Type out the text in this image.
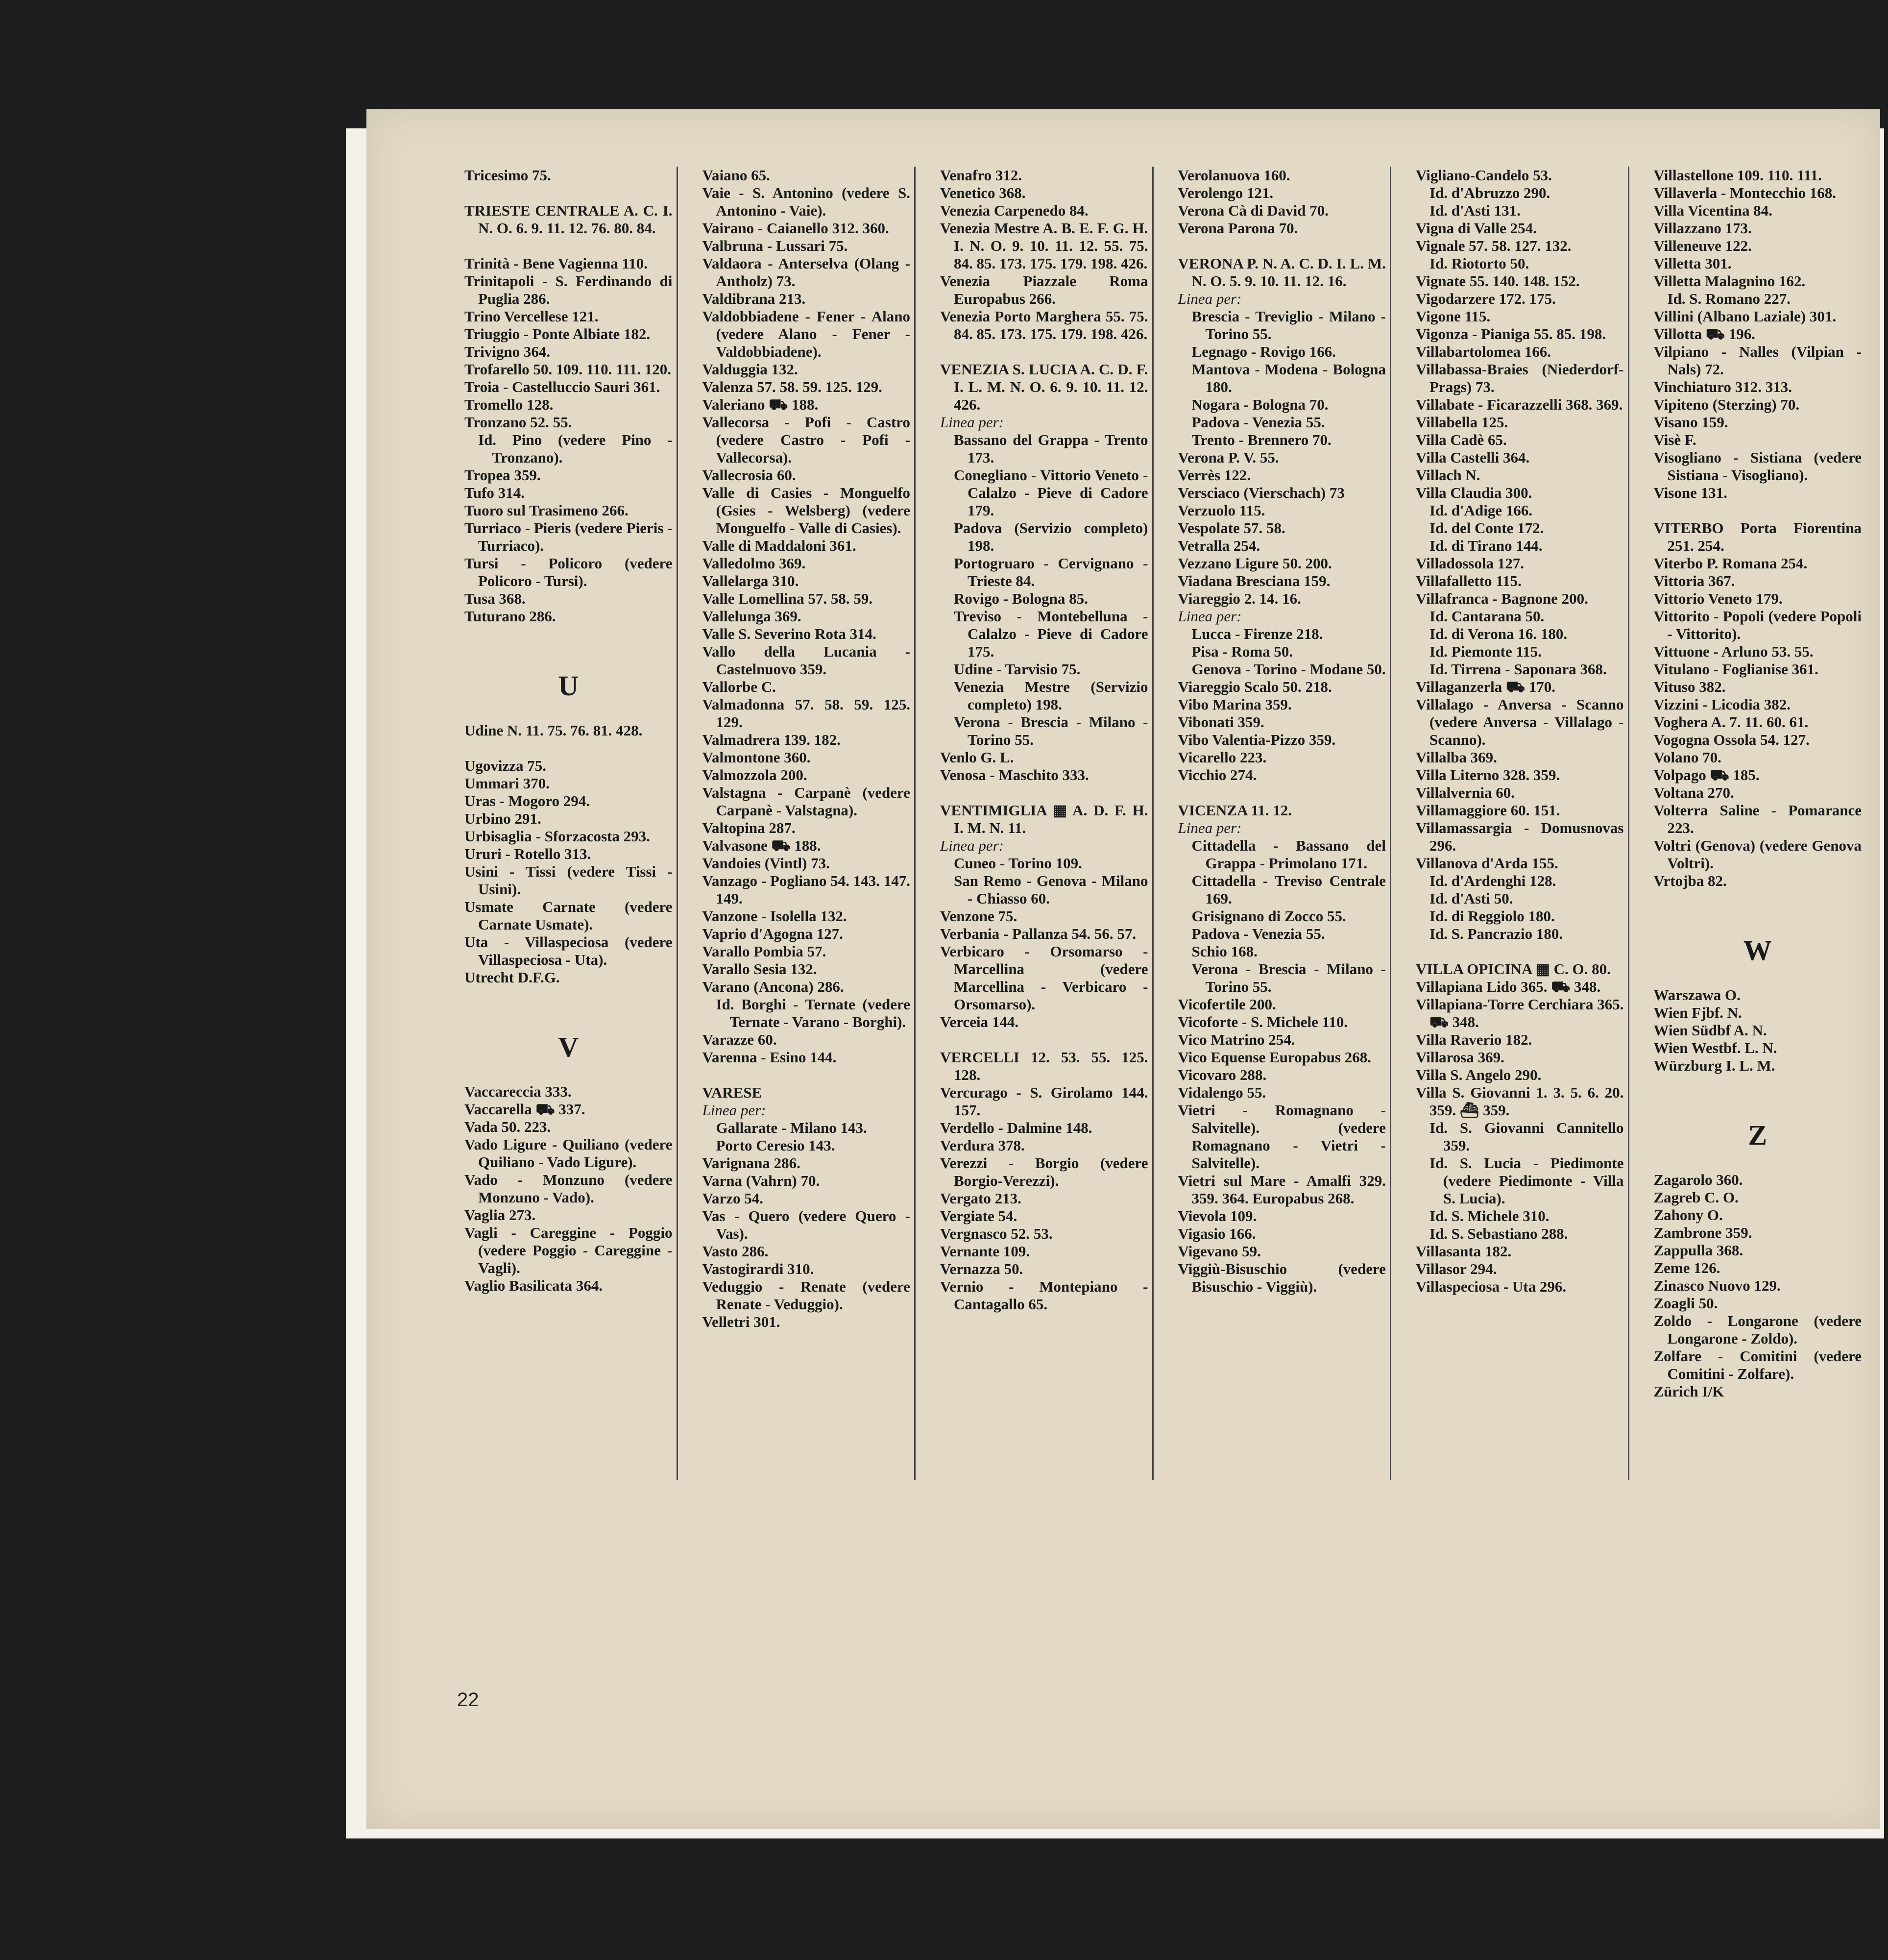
Tricesimo 75.

TRIESTE CENTRALE A. C. I. N. O. 6. 9. 11. 12. 76. 80. 84.

Trinità - Bene Vagienna 110.

Trinitapoli - S. Ferdinando di Puglia 286.

Trino Vercellese 121.

Triuggio - Ponte Albiate 182.

Trivigno 364.

Trofarello 50. 109. 110. 111. 120.

Troia - Castelluccio Sauri 361.

Tromello 128.

Tronzano 52. 55.

Id. Pino (vedere Pino - Tronzano).

Tropea 359.

Tufo 314.

Tuoro sul Trasimeno 266.

Turriaco - Pieris (vedere Pieris - Turriaco).

Tursi - Policoro (vedere Policoro - Tursi).

Tusa 368.

Tuturano 286.

U

Udine N. 11. 75. 76. 81. 428.

Ugovizza 75.

Ummari 370.

Uras - Mogoro 294.

Urbino 291.

Urbisaglia - Sforzacosta 293.

Ururi - Rotello 313.

Usini - Tissi (vedere Tissi - Usini).

Usmate Carnate (vedere Carnate Usmate).

Uta - Villaspeciosa (vedere Villaspeciosa - Uta).

Utrecht D.F.G.

V

Vaccareccia 333.

Vaccarella ⛟ 337.

Vada 50. 223.

Vado Ligure - Quiliano (vedere Quiliano - Vado Ligure).

Vado - Monzuno (vedere Monzuno - Vado).

Vaglia 273.

Vagli - Careggine - Poggio (vedere Poggio - Careggine - Vagli).

Vaglio Basilicata 364.

Vaiano 65.

Vaie - S. Antonino (vedere S. Antonino - Vaie).

Vairano - Caianello 312. 360.

Valbruna - Lussari 75.

Valdaora - Anterselva (Olang - Antholz) 73.

Valdibrana 213.

Valdobbiadene - Fener - Alano (vedere Alano - Fener - Valdobbiadene).

Valduggia 132.

Valenza 57. 58. 59. 125. 129.

Valeriano ⛟ 188.

Vallecorsa - Pofi - Castro (vedere Castro - Pofi - Vallecorsa).

Vallecrosia 60.

Valle di Casies - Monguelfo (Gsies - Welsberg) (vedere Monguelfo - Valle di Casies).

Valle di Maddaloni 361.

Valledolmo 369.

Vallelarga 310.

Valle Lomellina 57. 58. 59.

Vallelunga 369.

Valle S. Severino Rota 314.

Vallo della Lucania - Castelnuovo 359.

Vallorbe C.

Valmadonna 57. 58. 59. 125. 129.

Valmadrera 139. 182.

Valmontone 360.

Valmozzola 200.

Valstagna - Carpanè (vedere Carpanè - Valstagna).

Valtopina 287.

Valvasone ⛟ 188.

Vandoies (Vintl) 73.

Vanzago - Pogliano 54. 143. 147. 149.

Vanzone - Isolella 132.

Vaprio d'Agogna 127.

Varallo Pombia 57.

Varallo Sesia 132.

Varano (Ancona) 286.

Id. Borghi - Ternate (vedere Ternate - Varano - Borghi).

Varazze 60.

Varenna - Esino 144.

VARESE

Linea per:

Gallarate - Milano 143.

Porto Ceresio 143.

Varignana 286.

Varna (Vahrn) 70.

Varzo 54.

Vas - Quero (vedere Quero - Vas).

Vasto 286.

Vastogirardi 310.

Veduggio - Renate (vedere Renate - Veduggio).

Velletri 301.

Venafro 312.

Venetico 368.

Venezia Carpenedo 84.

Venezia Mestre A. B. E. F. G. H. I. N. O. 9. 10. 11. 12. 55. 75. 84. 85. 173. 175. 179. 198. 426.

Venezia Piazzale Roma Europabus 266.

Venezia Porto Marghera 55. 75. 84. 85. 173. 175. 179. 198. 426.

VENEZIA S. LUCIA A. C. D. F. I. L. M. N. O. 6. 9. 10. 11. 12. 426.

Linea per:

Bassano del Grappa - Trento 173.

Conegliano - Vittorio Veneto - Calalzo - Pieve di Cadore 179.

Padova (Servizio completo) 198.

Portogruaro - Cervignano - Trieste 84.

Rovigo - Bologna 85.

Treviso - Montebelluna - Calalzo - Pieve di Cadore 175.

Udine - Tarvisio 75.

Venezia Mestre (Servizio completo) 198.

Verona - Brescia - Milano - Torino 55.

Venlo G. L.

Venosa - Maschito 333.

VENTIMIGLIA ▦ A. D. F. H. I. M. N. 11.

Linea per:

Cuneo - Torino 109.

San Remo - Genova - Milano - Chiasso 60.

Venzone 75.

Verbania - Pallanza 54. 56. 57.

Verbicaro - Orsomarso - Marcellina (vedere Marcellina - Verbicaro - Orsomarso).

Verceia 144.

VERCELLI 12. 53. 55. 125. 128.

Vercurago - S. Girolamo 144. 157.

Verdello - Dalmine 148.

Verdura 378.

Verezzi - Borgio (vedere Borgio-Verezzi).

Vergato 213.

Vergiate 54.

Vergnasco 52. 53.

Vernante 109.

Vernazza 50.

Vernio - Montepiano - Cantagallo 65.

Verolanuova 160.

Verolengo 121.

Verona Cà di David 70.

Verona Parona 70.

VERONA P. N. A. C. D. I. L. M. N. O. 5. 9. 10. 11. 12. 16.

Linea per:

Brescia - Treviglio - Milano - Torino 55.

Legnago - Rovigo 166.

Mantova - Modena - Bologna 180.

Nogara - Bologna 70.

Padova - Venezia 55.

Trento - Brennero 70.

Verona P. V. 55.

Verrès 122.

Versciaco (Vierschach) 73

Verzuolo 115.

Vespolate 57. 58.

Vetralla 254.

Vezzano Ligure 50. 200.

Viadana Bresciana 159.

Viareggio 2. 14. 16.

Linea per:

Lucca - Firenze 218.

Pisa - Roma 50.

Genova - Torino - Modane 50.

Viareggio Scalo 50. 218.

Vibo Marina 359.

Vibonati 359.

Vibo Valentia-Pizzo 359.

Vicarello 223.

Vicchio 274.

VICENZA 11. 12.

Linea per:

Cittadella - Bassano del Grappa - Primolano 171.

Cittadella - Treviso Centrale 169.

Grisignano di Zocco 55.

Padova - Venezia 55.

Schio 168.

Verona - Brescia - Milano - Torino 55.

Vicofertile 200.

Vicoforte - S. Michele 110.

Vico Matrino 254.

Vico Equense Europabus 268.

Vicovaro 288.

Vidalengo 55.

Vietri - Romagnano - Salvitelle). (vedere Romagnano - Vietri - Salvitelle).

Vietri sul Mare - Amalfi 329. 359. 364. Europabus 268.

Vievola 109.

Vigasio 166.

Vigevano 59.

Viggiù-Bisuschio (vedere Bisuschio - Viggiù).

Vigliano-Candelo 53.

Id. d'Abruzzo 290.

Id. d'Asti 131.

Vigna di Valle 254.

Vignale 57. 58. 127. 132.

Id. Riotorto 50.

Vignate 55. 140. 148. 152.

Vigodarzere 172. 175.

Vigone 115.

Vigonza - Pianiga 55. 85. 198.

Villabartolomea 166.

Villabassa-Braies (Niederdorf-Prags) 73.

Villabate - Ficarazzelli 368. 369.

Villabella 125.

Villa Cadè 65.

Villa Castelli 364.

Villach N.

Villa Claudia 300.

Id. d'Adige 166.

Id. del Conte 172.

Id. di Tirano 144.

Villadossola 127.

Villafalletto 115.

Villafranca - Bagnone 200.

Id. Cantarana 50.

Id. di Verona 16. 180.

Id. Piemonte 115.

Id. Tirrena - Saponara 368.

Villaganzerla ⛟ 170.

Villalago - Anversa - Scanno (vedere Anversa - Villalago - Scanno).

Villalba 369.

Villa Literno 328. 359.

Villalvernia 60.

Villamaggiore 60. 151.

Villamassargia - Domusnovas 296.

Villanova d'Arda 155.

Id. d'Ardenghi 128.

Id. d'Asti 50.

Id. di Reggiolo 180.

Id. S. Pancrazio 180.

VILLA OPICINA ▦ C. O. 80.

Villapiana Lido 365. ⛟ 348.

Villapiana-Torre Cerchiara 365. ⛟ 348.

Villa Raverio 182.

Villarosa 369.

Villa S. Angelo 290.

Villa S. Giovanni 1. 3. 5. 6. 20. 359. ⛴ 359.

Id. S. Giovanni Cannitello 359.

Id. S. Lucia - Piedimonte (vedere Piedimonte - Villa S. Lucia).

Id. S. Michele 310.

Id. S. Sebastiano 288.

Villasanta 182.

Villasor 294.

Villaspeciosa - Uta 296.

Villastellone 109. 110. 111.

Villaverla - Montecchio 168.

Villa Vicentina 84.

Villazzano 173.

Villeneuve 122.

Villetta 301.

Villetta Malagnino 162.

Id. S. Romano 227.

Villini (Albano Laziale) 301.

Villotta ⛟ 196.

Vilpiano - Nalles (Vilpian - Nals) 72.

Vinchiaturo 312. 313.

Vipiteno (Sterzing) 70.

Visano 159.

Visè F.

Visogliano - Sistiana (vedere Sistiana - Visogliano).

Visone 131.

VITERBO Porta Fiorentina 251. 254.

Viterbo P. Romana 254.

Vittoria 367.

Vittorio Veneto 179.

Vittorito - Popoli (vedere Popoli - Vittorito).

Vittuone - Arluno 53. 55.

Vitulano - Foglianise 361.

Vituso 382.

Vizzini - Licodia 382.

Voghera A. 7. 11. 60. 61.

Vogogna Ossola 54. 127.

Volano 70.

Volpago ⛟ 185.

Voltana 270.

Volterra Saline - Pomarance 223.

Voltri (Genova) (vedere Genova Voltri).

Vrtojba 82.

W

Warszawa O.

Wien Fjbf. N.

Wien Südbf A. N.

Wien Westbf. L. N.

Würzburg I. L. M.

Z

Zagarolo 360.

Zagreb C. O.

Zahony O.

Zambrone 359.

Zappulla 368.

Zeme 126.

Zinasco Nuovo 129.

Zoagli 50.

Zoldo - Longarone (vedere Longarone - Zoldo).

Zolfare - Comitini (vedere Comitini - Zolfare).

Zürich I/K

22
